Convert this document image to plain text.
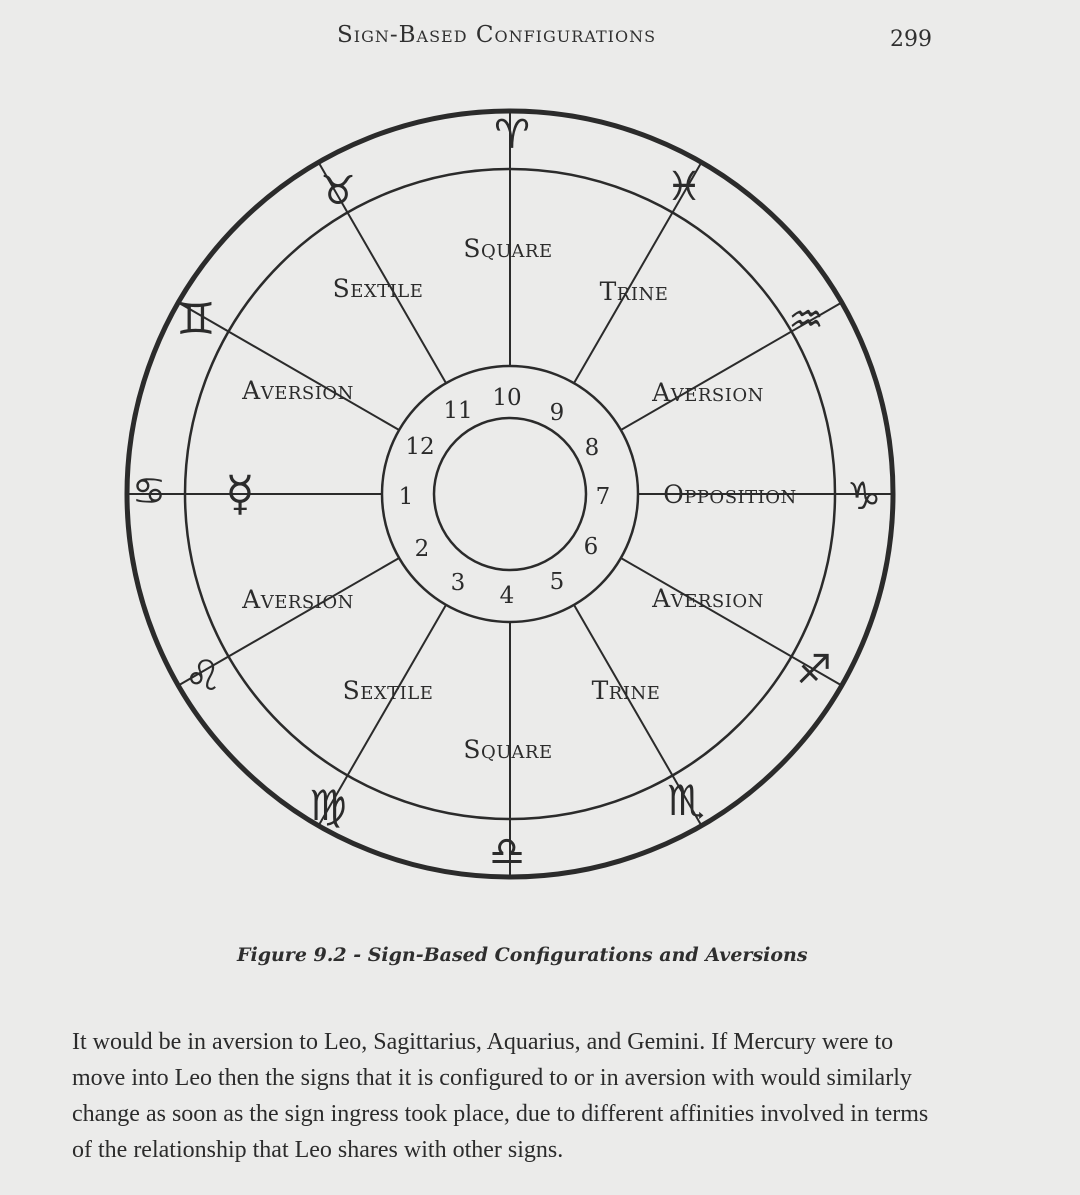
Sign-Based Configurations	299
♈
♓
♒
♑
♐
♏
♎
♍
♌
♋
♊
♉
☿	1
2
3 4
5
6
7
8
9
10
11
12
Square
Sextile	Trine
Aversion	Aversion
Opposition
Aversion	Aversion
Sextile	Trine
Square
Figure 9.2 - Sign-Based Configurations and Aversions

It would be in aversion to Leo, Sagittarius, Aquarius, and Gemini. If Mercury were to move into Leo then the signs that it is configured to or in aversion with would similarly change as soon as the sign ingress took place, due to different affinities involved in terms of the relationship that Leo shares with other signs.
